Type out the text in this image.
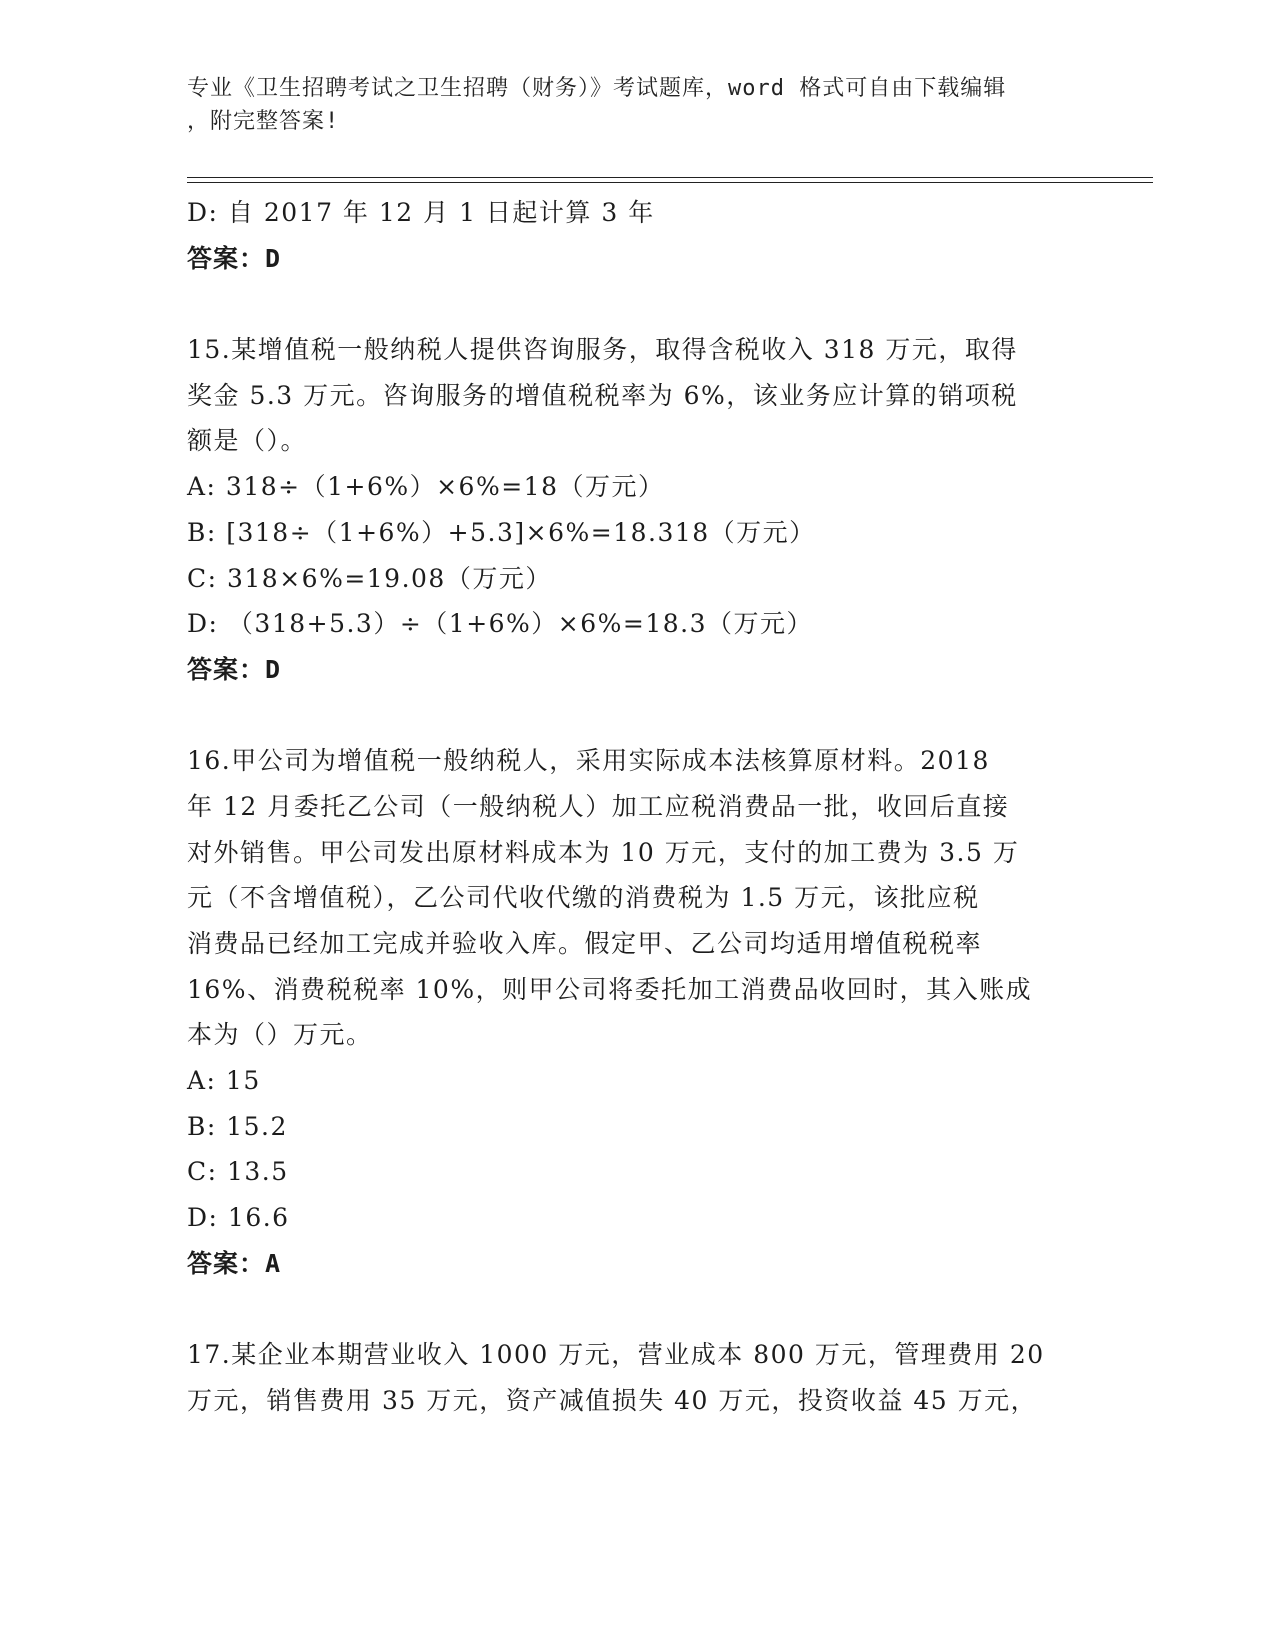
专业《卫生招聘考试之卫生招聘（财务）》考试题库，word 格式可自由下载编辑
，附完整答案!
D: 自 2017 年 12 月 1 日起计算 3 年
答案：D
15.某增值税一般纳税人提供咨询服务，取得含税收入 318 万元，取得
奖金 5.3 万元。咨询服务的增值税税率为 6%，该业务应计算的销项税
额是（）。
A: 318÷（1+6%）×6%=18（万元）
B: [318÷（1+6%）+5.3]×6%=18.318（万元）
C: 318×6%=19.08（万元）
D: （318+5.3）÷（1+6%）×6%=18.3（万元）
答案：D
16.甲公司为增值税一般纳税人，采用实际成本法核算原材料。2018
年 12 月委托乙公司（一般纳税人）加工应税消费品一批，收回后直接
对外销售。甲公司发出原材料成本为 10 万元，支付的加工费为 3.5 万
元（不含增值税），乙公司代收代缴的消费税为 1.5 万元，该批应税
消费品已经加工完成并验收入库。假定甲、乙公司均适用增值税税率
16%、消费税税率 10%，则甲公司将委托加工消费品收回时，其入账成
本为（）万元。
A: 15
B: 15.2
C: 13.5
D: 16.6
答案：A
17.某企业本期营业收入 1000 万元，营业成本 800 万元，管理费用 20
万元，销售费用 35 万元，资产减值损失 40 万元，投资收益 45 万元，
